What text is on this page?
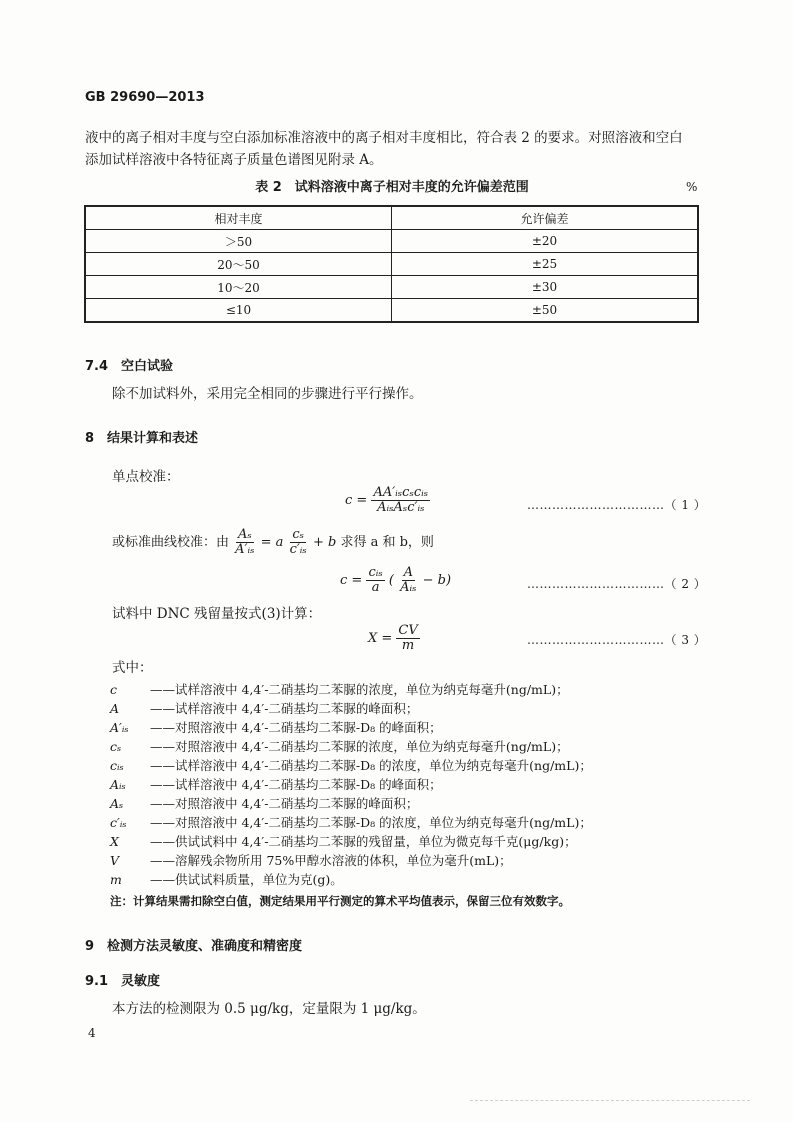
GB 29690—2013
液中的离子相对丰度与空白添加标准溶液中的离子相对丰度相比，符合表 2 的要求。对照溶液和空白
添加试样溶液中各特征离子质量色谱图见附录 A。
表 2　试料溶液中离子相对丰度的允许偏差范围	%
相对丰度	允许偏差
＞50	±20
20～50	±25
10～20	±30
≤10	±50
7.4　空白试验
除不加试料外，采用完全相同的步骤进行平行操作。
8　结果计算和表述
单点校准：
$c = \frac{\text{AA′ᵢₛcₛcᵢₛ}}{\text{AᵢₛAₛc′ᵢₛ}}$	……………………………（ 1 ）
或标准曲线校准：由 $\frac{\text{Aₛ}}{\text{A′ᵢₛ}} = a \frac{\text{cₛ}}{\text{c′ᵢₛ}} + b$ 求得 a 和 b，则
$c = \frac{\text{cᵢₛ}}{a}$ ( $\frac{A}{\text{Aᵢₛ}} - b$)	……………………………（ 2 ）
试料中 DNC 残留量按式(3)计算：
$X = \frac{CV}{m}$	……………………………（ 3 ）
式中：
c	——试样溶液中 4,4′-二硝基均二苯脲的浓度，单位为纳克每毫升(ng/mL)；
A ——试样溶液中 4,4′-二硝基均二苯脲的峰面积；
A′ᵢₛ ——对照溶液中 4,4′-二硝基均二苯脲-D₈ 的峰面积；
cₛ ——对照溶液中 4,4′-二硝基均二苯脲的浓度，单位为纳克每毫升(ng/mL)；
cᵢₛ ——试样溶液中 4,4′-二硝基均二苯脲-D₈ 的浓度，单位为纳克每毫升(ng/mL)；
Aᵢₛ ——试样溶液中 4,4′-二硝基均二苯脲-D₈ 的峰面积；
Aₛ ——对照溶液中 4,4′-二硝基均二苯脲的峰面积；
c′ᵢₛ ——对照溶液中 4,4′-二硝基均二苯脲-D₈ 的浓度，单位为纳克每毫升(ng/mL)；
X ——供试试料中 4,4′-二硝基均二苯脲的残留量，单位为微克每千克(μg/kg)；
V ——溶解残余物所用 75%甲醇水溶液的体积，单位为毫升(mL)；
m ——供试试料质量，单位为克(g)。
注：计算结果需扣除空白值，测定结果用平行测定的算术平均值表示，保留三位有效数字。
9　检测方法灵敏度、准确度和精密度
9.1　灵敏度
本方法的检测限为 0.5 μg/kg，定量限为 1 μg/kg。
4
